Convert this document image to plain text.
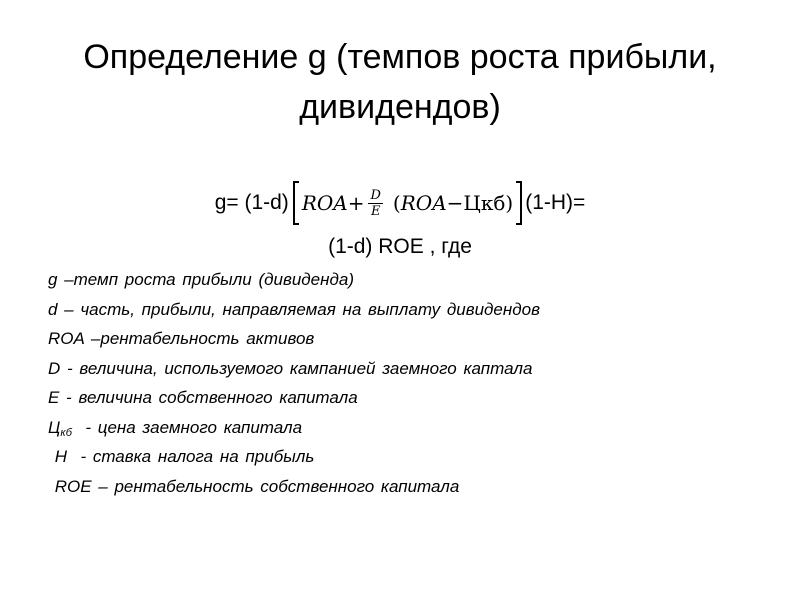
Определение g (темпов роста прибыли, дивидендов)
g= (1-d) ROA + $\frac{D}{E}$ ( ROA − Цкб ) (1-H)=
(1-d) ROE , где
g –темп роста прибыли (дивиденда)
d – часть, прибыли, направляемая на выплату дивидендов
ROA –рентабельность активов
D - величина, используемого кампанией заемного каптала
E - величина собственного капитала
$Ц_{кб}$  - цена заемного капитала
H  - ставка налога на прибыль
ROE – рентабельность собственного капитала
